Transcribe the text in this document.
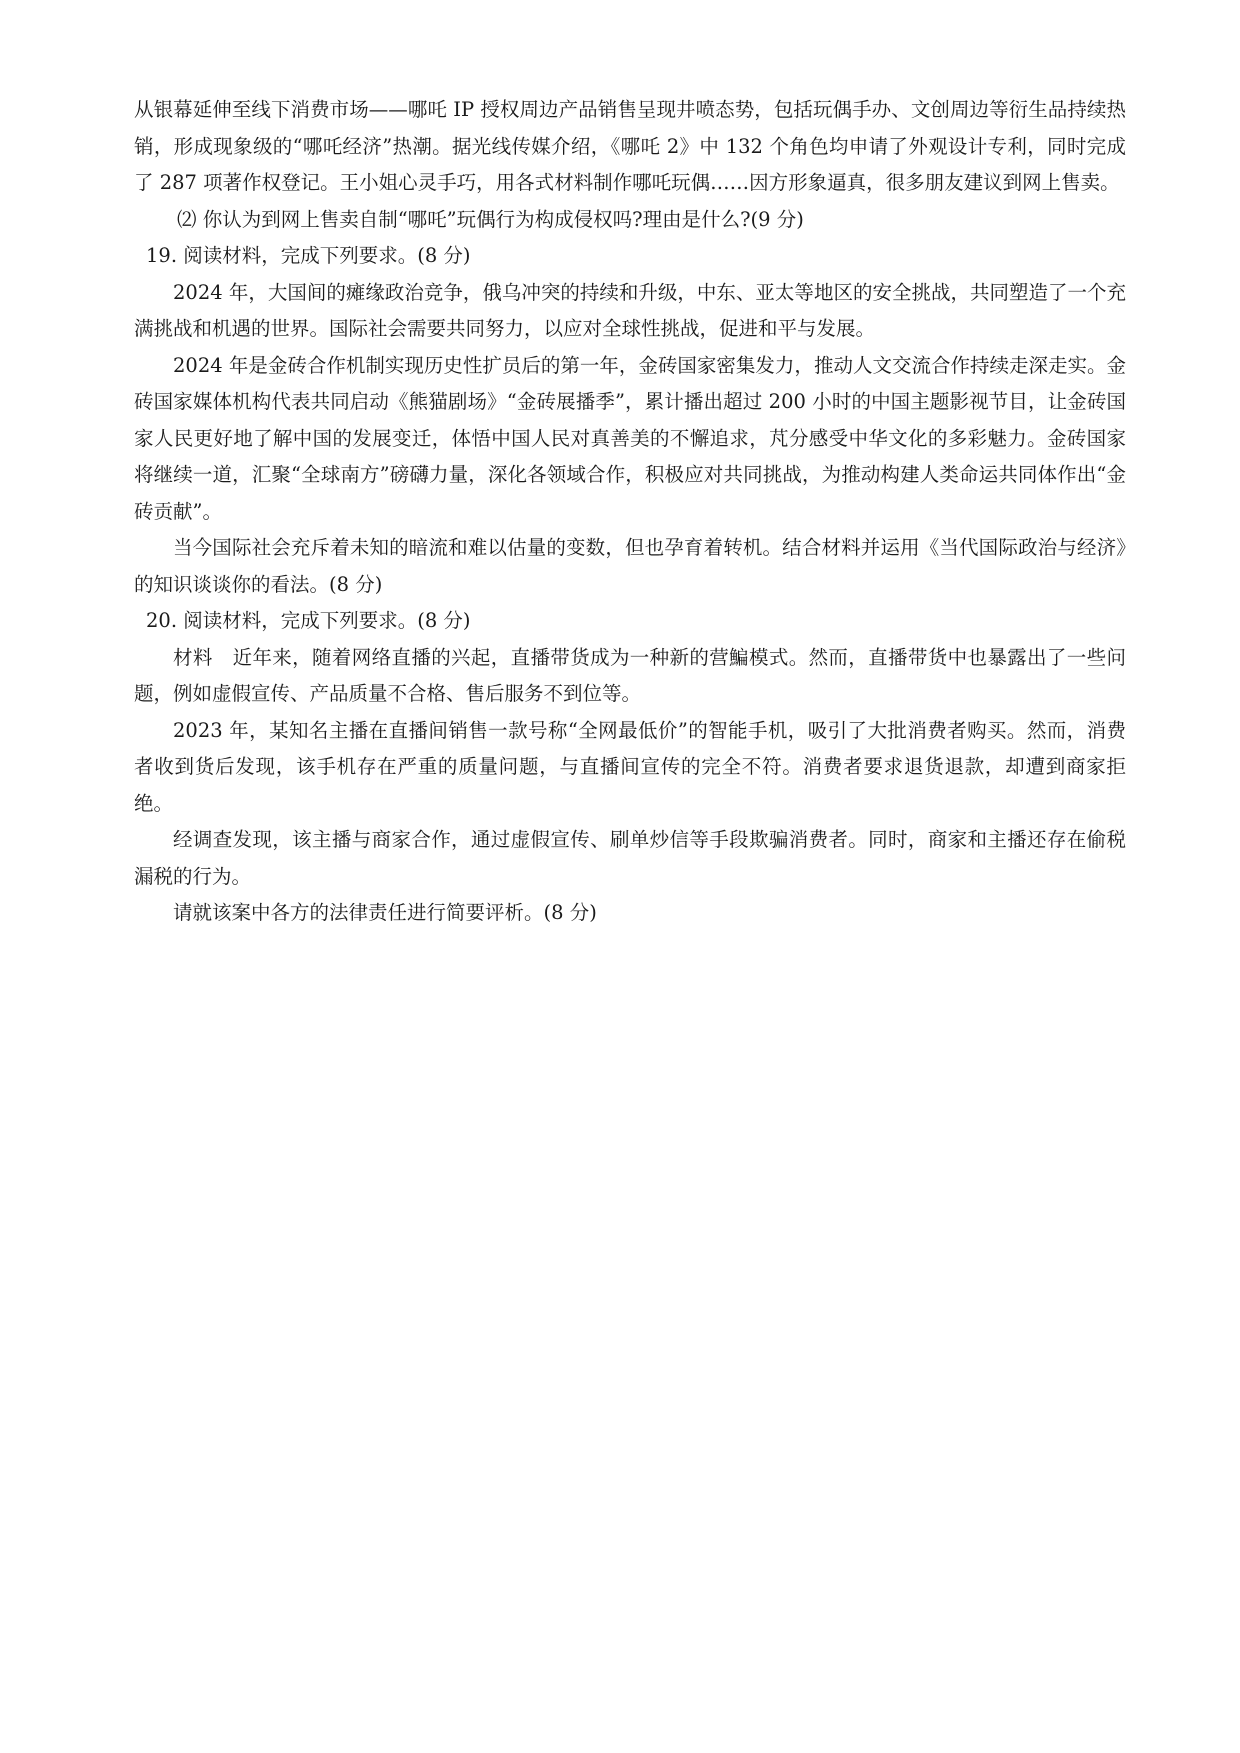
从银幕延伸至线下消费市场——哪吒 IP 授权周边产品销售呈现井喷态势，包括玩偶手办、文创周边等衍生品持续热销，形成现象级的“哪吒经济”热潮。据光线传媒介绍，《哪吒 2》中 132 个角色均申请了外观设计专利，同时完成了 287 项著作权登记。王小姐心灵手巧，用各式材料制作哪吒玩偶……因方形象逼真，很多朋友建议到网上售卖。

⑵ 你认为到网上售卖自制“哪吒”玩偶行为构成侵权吗?理由是什么?(9 分)

19. 阅读材料，完成下列要求。(8 分)

2024 年，大国间的瘫缘政治竞争，俄乌冲突的持续和升级，中东、亚太等地区的安全挑战，共同塑造了一个充满挑战和机遇的世界。国际社会需要共同努力，以应对全球性挑战，促进和平与发展。

2024 年是金砖合作机制实现历史性扩员后的第一年，金砖国家密集发力，推动人文交流合作持续走深走实。金砖国家媒体机构代表共同启动《熊猫剧场》“金砖展播季”，累计播出超过 200 小时的中国主题影视节目，让金砖国家人民更好地了解中国的发展变迁，体悟中国人民对真善美的不懈追求，芃分感受中华文化的多彩魅力。金砖国家将继续一道，汇聚“全球南方”磅礴力量，深化各领域合作，积极应对共同挑战，为推动构建人类命运共同体作出“金砖贡献”。

当今国际社会充斥着未知的暗流和难以估量的变数，但也孕育着转机。结合材料并运用《当代国际政治与经济》的知识谈谈你的看法。(8 分)

20. 阅读材料，完成下列要求。(8 分)

材料　近年来，随着网络直播的兴起，直播带货成为一种新的营鯿模式。然而，直播带货中也暴露出了一些问题，例如虚假宣传、产品质量不合格、售后服务不到位等。

2023 年，某知名主播在直播间销售一款号称“全网最低价”的智能手机，吸引了大批消费者购买。然而，消费者收到货后发现，该手机存在严重的质量问题，与直播间宣传的完全不符。消费者要求退货退款，却遭到商家拒绝。

经调查发现，该主播与商家合作，通过虚假宣传、刷单炒信等手段欺骗消费者。同时，商家和主播还存在偷税漏税的行为。

请就该案中各方的法律责任进行简要评析。(8 分)
